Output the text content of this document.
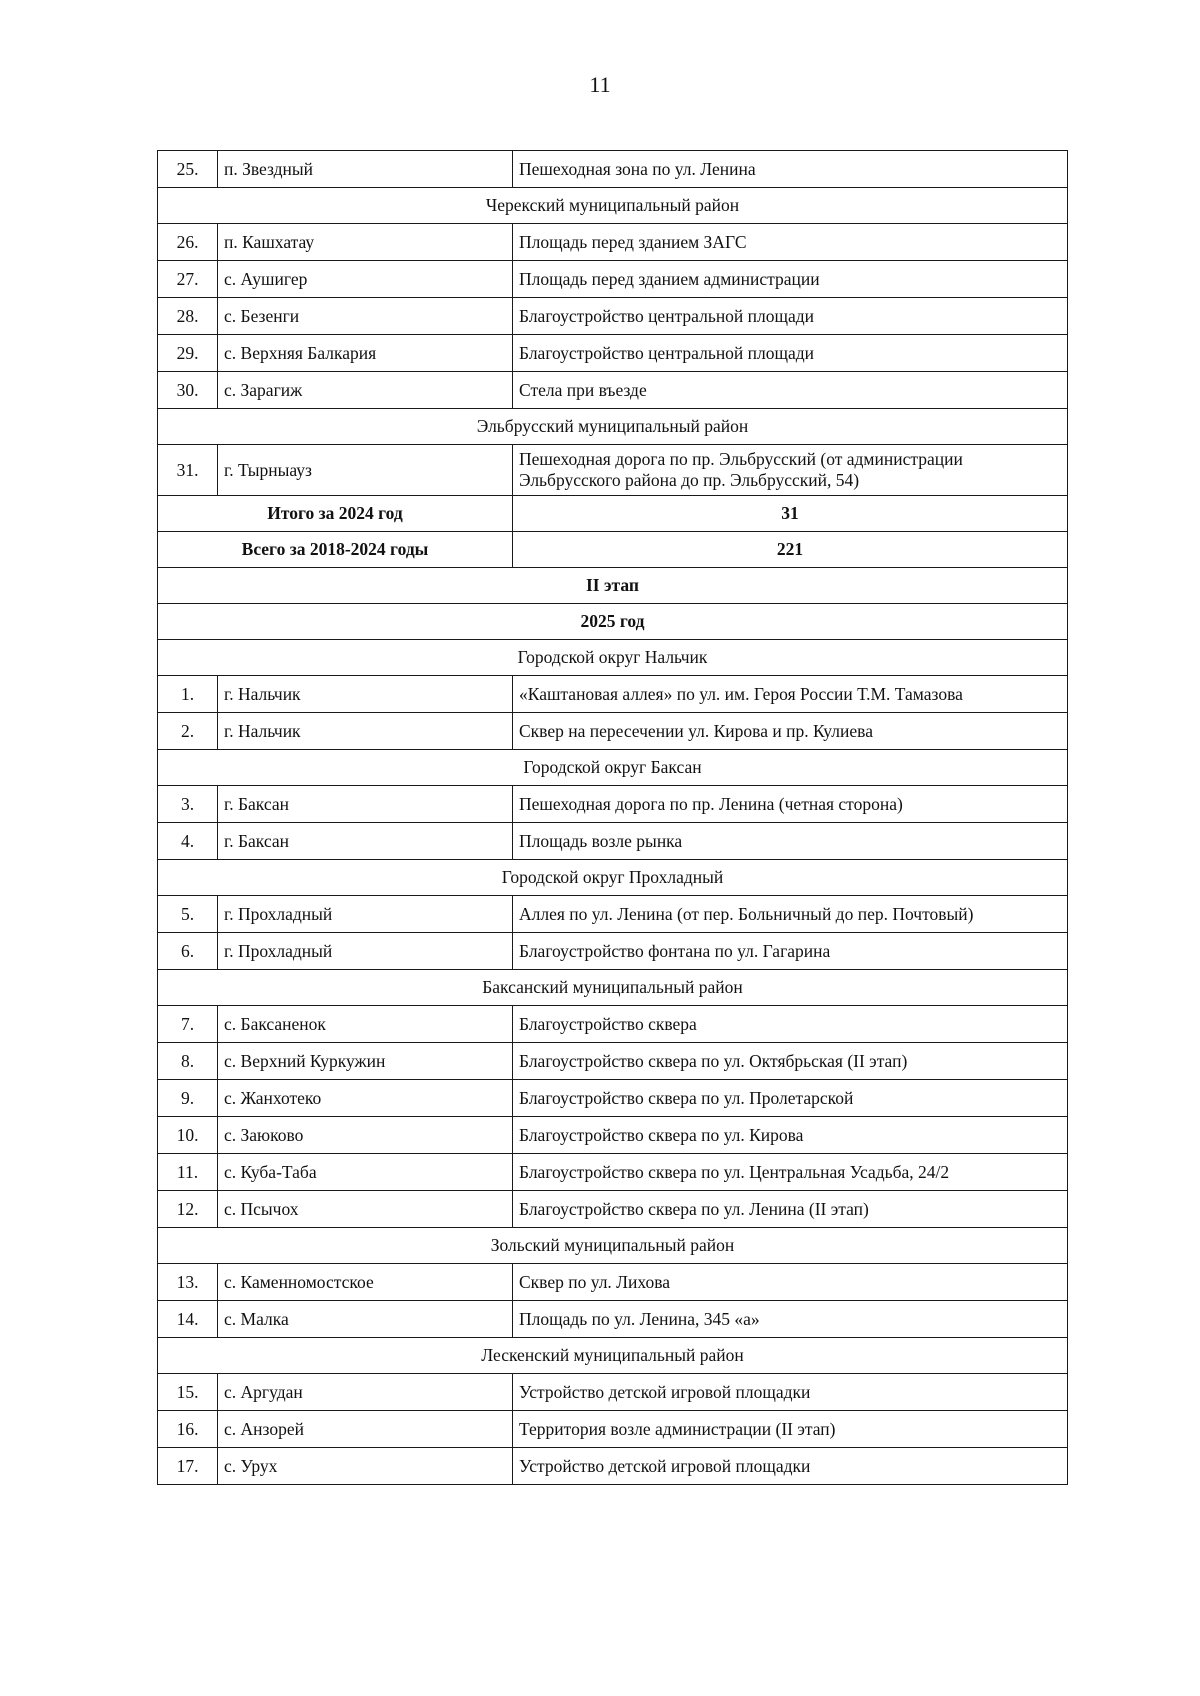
11
25.	п. Звездный	Пешеходная зона по ул. Ленина
Черекский муниципальный район		
26.	п. Кашхатау	Площадь перед зданием ЗАГС
27.	с. Аушигер	Площадь перед зданием администрации
28.	с. Безенги	Благоустройство центральной площади
29.	с. Верхняя Балкария	Благоустройство центральной площади
30.	с. Зарагиж	Стела при въезде
Эльбрусский муниципальный район		
31.	г. Тырныауз	Пешеходная дорога по пр. Эльбрусский (от администрации Эльбрусского района до пр. Эльбрусский, 54)
Итого за 2024 год		31
Всего за 2018-2024 годы		221
II этап		
2025 год		
Городской округ Нальчик		
1.	г. Нальчик	«Каштановая аллея» по ул. им. Героя России Т.М. Тамазова
2.	г. Нальчик	Сквер на пересечении ул. Кирова и пр. Кулиева
Городской округ Баксан		
3.	г. Баксан	Пешеходная дорога по пр. Ленина (четная сторона)
4.	г. Баксан	Площадь возле рынка
Городской округ Прохладный		
5.	г. Прохладный	Аллея по ул. Ленина (от пер. Больничный до пер. Почтовый)
6.	г. Прохладный	Благоустройство фонтана по ул. Гагарина
Баксанский муниципальный район		
7.	с. Баксаненок	Благоустройство сквера
8.	с. Верхний Куркужин	Благоустройство сквера по ул. Октябрьская (II этап)
9.	с. Жанхотеко	Благоустройство сквера по ул. Пролетарской
10.	с. Заюково	Благоустройство сквера по ул. Кирова
11.	с. Куба-Таба	Благоустройство сквера по ул. Центральная Усадьба, 24/2
12.	с. Псычох	Благоустройство сквера по ул. Ленина (II этап)
Зольский муниципальный район		
13.	с. Каменномостское	Сквер по ул. Лихова
14.	с. Малка	Площадь по ул. Ленина, 345 «а»
Лескенский муниципальный район		
15.	с. Аргудан	Устройство детской игровой площадки
16.	с. Анзорей	Территория возле администрации (II этап)
17.	с. Урух	Устройство детской игровой площадки
